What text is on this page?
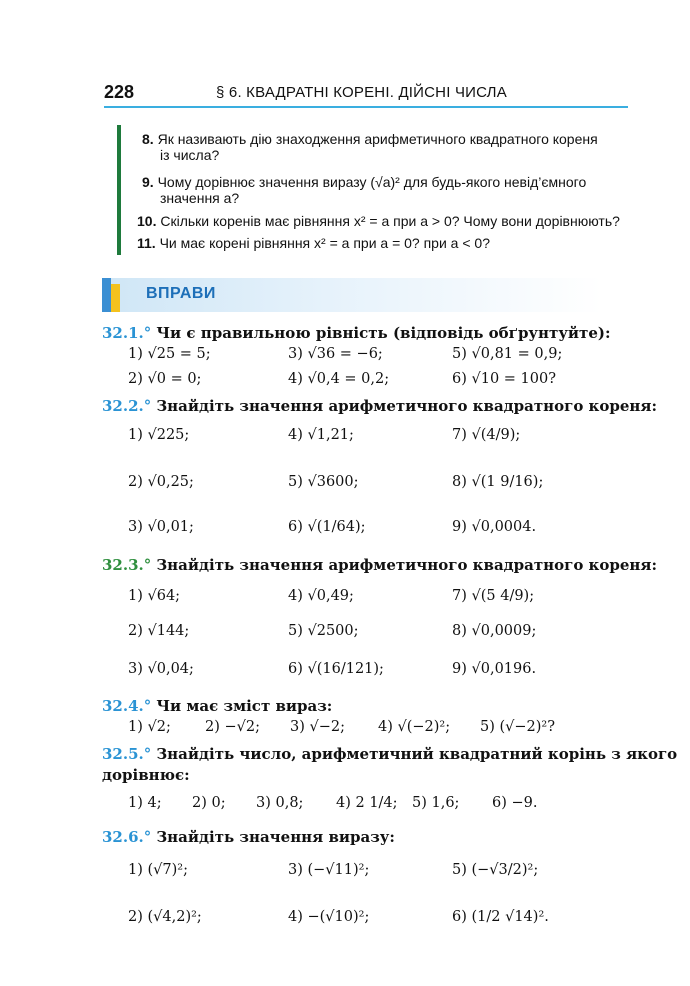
228	§ 6. КВАДРАТНІ КОРЕНІ. ДІЙСНІ ЧИСЛА
8. Як називають дію знаходження арифметичного квадратного кореня
із числа?
9. Чому дорівнює значення виразу (√a)² для будь-якого невід’ємного
значення a?
10. Скільки коренів має рівняння x² = a при a > 0? Чому вони дорівнюють?
11. Чи має корені рівняння x² = a при a = 0? при a < 0?
ВПРАВИ
32.1.° Чи є правильною рівність (відповідь обґрунтуйте):
1) √25 = 5;	3) √36 = −6;	5) √0,81 = 0,9;
2) √0 = 0;	4) √0,4 = 0,2;	6) √10 = 100?
32.2.° Знайдіть значення арифметичного квадратного кореня:
1) √225;	4) √1,21;	7) √(4/9);
2) √0,25;	5) √3600;	8) √(1 9/16);
3) √0,01;	6) √(1/64);	9) √0,0004.
32.3.° Знайдіть значення арифметичного квадратного кореня:
1) √64;	4) √0,49;	7) √(5 4/9);
2) √144;	5) √2500;	8) √0,0009;
3) √0,04;	6) √(16/121);	9) √0,0196.
32.4.° Чи має зміст вираз:
1) √2; 2) −√2; 3) √−2; 4) √(−2)²; 5) (√−2)²?
32.5.° Знайдіть число, арифметичний квадратний корінь з якого
дорівнює:
1) 4; 2) 0; 3) 0,8; 4) 2 1/4; 5) 1,6; 6) −9.
32.6.° Знайдіть значення виразу:
1) (√7)²;	3) (−√11)²;	5) (−√3/2)²;
2) (√4,2)²;	4) −(√10)²;	6) (1/2 √14)².
